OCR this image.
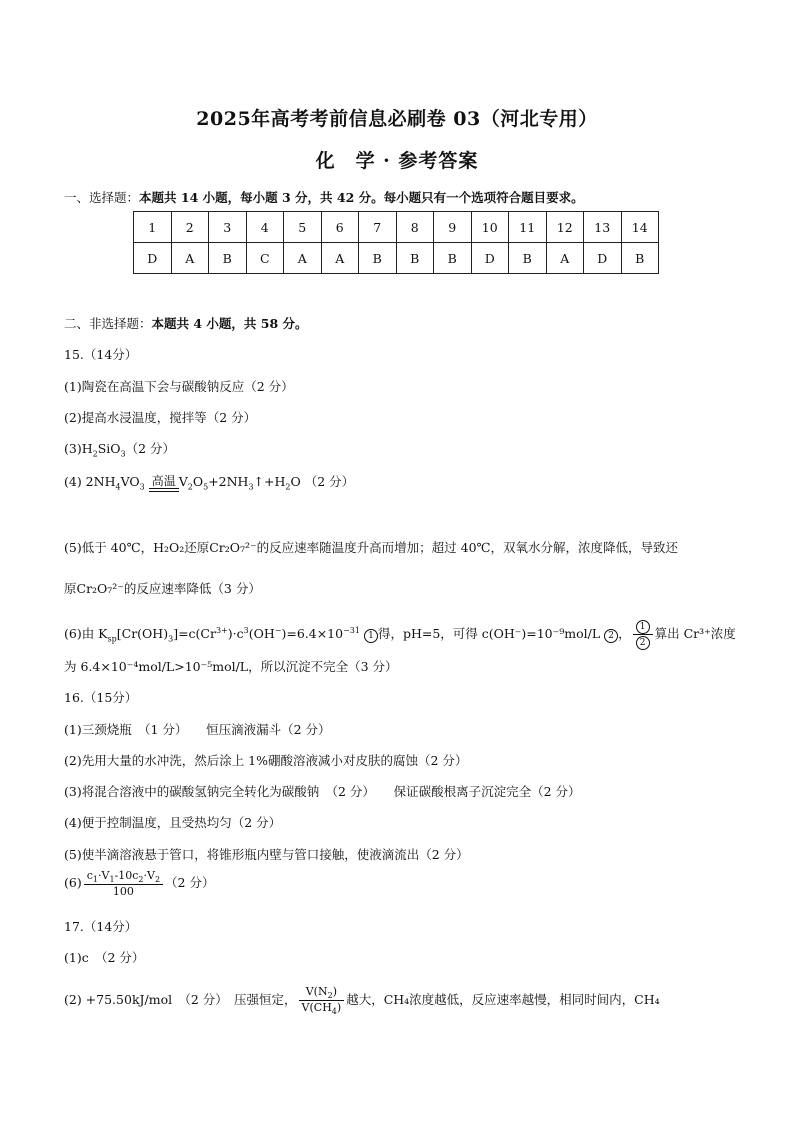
2025年高考考前信息必刷卷 03（河北专用）
化　学 · 参考答案
一、选择题：本题共 14 小题，每小题 3 分，共 42 分。每小题只有一个选项符合题目要求。
1	2	3	4	5	6	7	8	9	10	11	12	13	14
D	A	B	C	A	A	B	B	B	D	B	A	D	B
二、非选择题：本题共 4 小题，共 58 分。
15.（14分）
(1)陶瓷在高温下会与碳酸钠反应（2 分）
(2)提高水浸温度，搅拌等（2 分）
$(3)H_2SiO_3(2$ 分）
(4) $2NH_4VO_3$ 高温 $V_2O_5+2NH_3↑+H_2O$ （2 分）
(5)低于 40℃，H₂O₂还原Cr₂O₇²⁻的反应速率随温度升高而增加；超过 40℃，双氧水分解，浓度降低，导致还
原Cr₂O₇²⁻的反应速率降低（3 分）
(6)由 $K_{sp}[Cr(OH)_3]=c(Cr^{3+})\cdot c^3(OH^-)=6.4\times 10^{-31}$ 1 得，pH=5，可得 c(OH⁻)=10⁻⁹mol/L 2 ， $\frac{1}{2}$ 算出 Cr³⁺浓度
为 6.4×10⁻⁴mol/L>10⁻⁵mol/L，所以沉淀不完全（3 分）
16.（15分）
(1)三颈烧瓶　（1 分）　　恒压滴液漏斗（2 分）
(2)先用大量的水冲洗，然后涂上 1%硼酸溶液减小对皮肤的腐蚀（2 分）
(3)将混合溶液中的碳酸氢钠完全转化为碳酸钠　（2 分）　　保证碳酸根离子沉淀完全（2 分）
(4)便于控制温度，且受热均匀（2 分）
(5)使半滴溶液悬于管口，将锥形瓶内壁与管口接触，使液滴流出（2 分）
$(6) \frac{c_1\cdot V_1-10c_2\cdot V_2}{100} (2$ 分）
17.（14分）
(1)c　（2 分）
(2) +75.50kJ/mol　（2 分）　压强恒定， $\frac{V(N_2)}{V(CH_4)}$ 越大，CH₄浓度越低，反应速率越慢，相同时间内，CH₄
